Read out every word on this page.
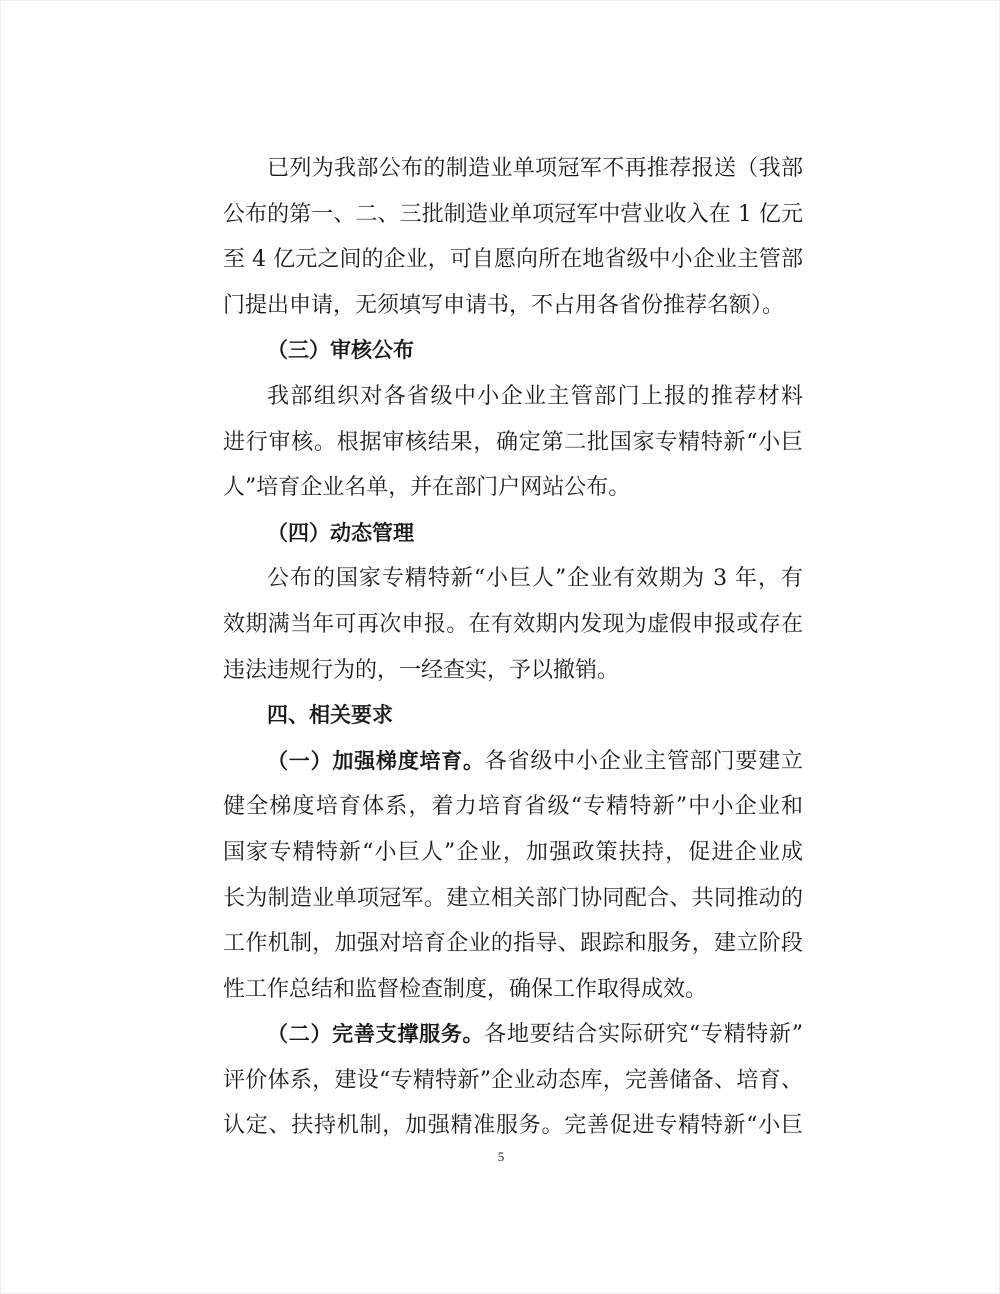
已列为我部公布的制造业单项冠军不再推荐报送（我部
公布的第一、二、三批制造业单项冠军中营业收入在 1 亿元
至 4 亿元之间的企业，可自愿向所在地省级中小企业主管部
门提出申请，无须填写申请书，不占用各省份推荐名额）。
（三）审核公布
我部组织对各省级中小企业主管部门上报的推荐材料
进行审核。根据审核结果，确定第二批国家专精特新“小巨
人”培育企业名单，并在部门户网站公布。
（四）动态管理
公布的国家专精特新“小巨人”企业有效期为 3 年，有
效期满当年可再次申报。在有效期内发现为虚假申报或存在
违法违规行为的，一经查实，予以撤销。
四、相关要求
（一）加强梯度培育。各省级中小企业主管部门要建立
健全梯度培育体系，着力培育省级“专精特新”中小企业和
国家专精特新“小巨人”企业，加强政策扶持，促进企业成
长为制造业单项冠军。建立相关部门协同配合、共同推动的
工作机制，加强对培育企业的指导、跟踪和服务，建立阶段
性工作总结和监督检查制度，确保工作取得成效。
（二）完善支撑服务。各地要结合实际研究“专精特新”
评价体系，建设“专精特新”企业动态库，完善储备、培育、
认定、扶持机制，加强精准服务。完善促进专精特新“小巨
5
